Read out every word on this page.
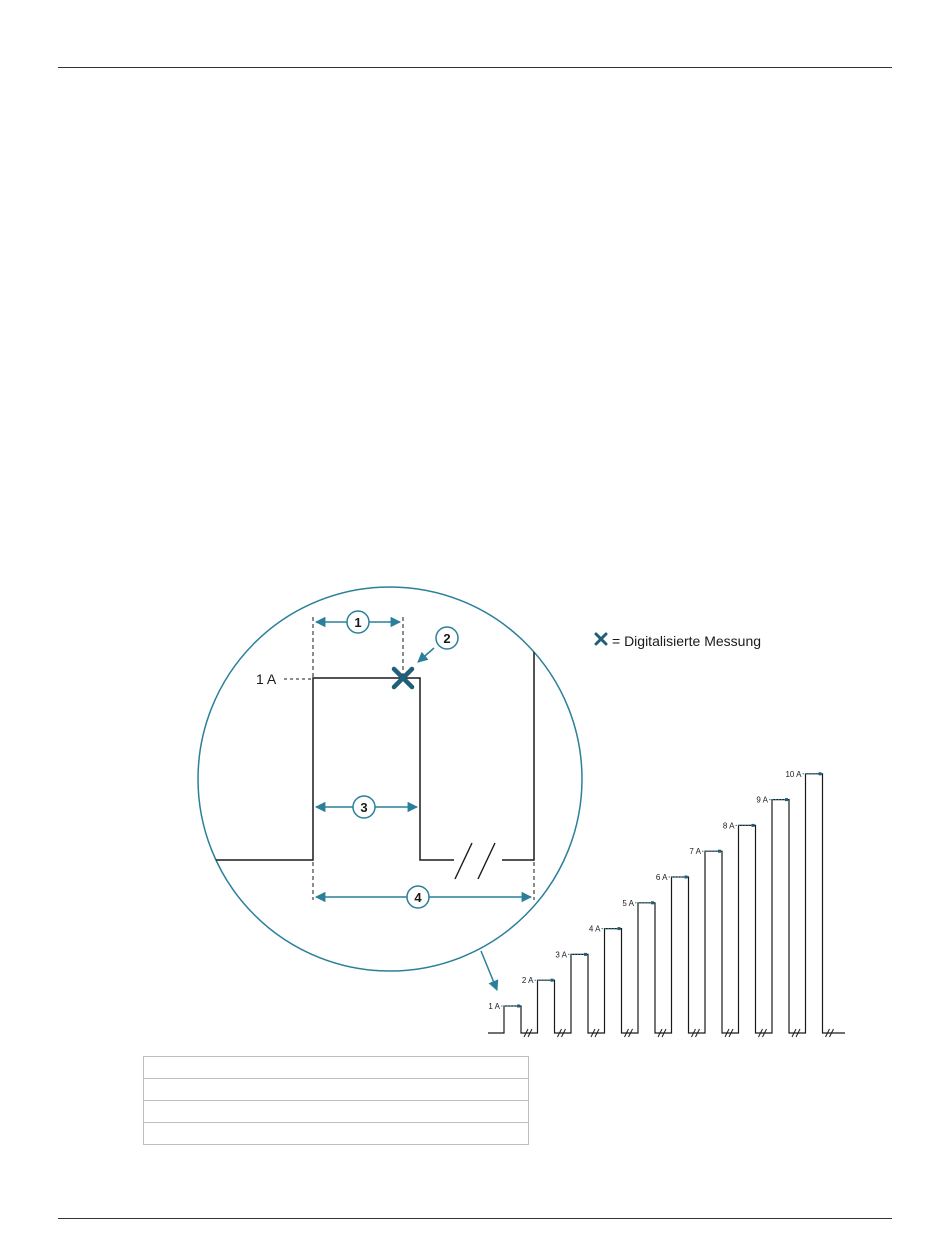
1 A
1
2
3
4
= Digitalisierte Messung
1 A
2 A
3 A
4 A
5 A
6 A
7 A
8 A
9 A
10 A
